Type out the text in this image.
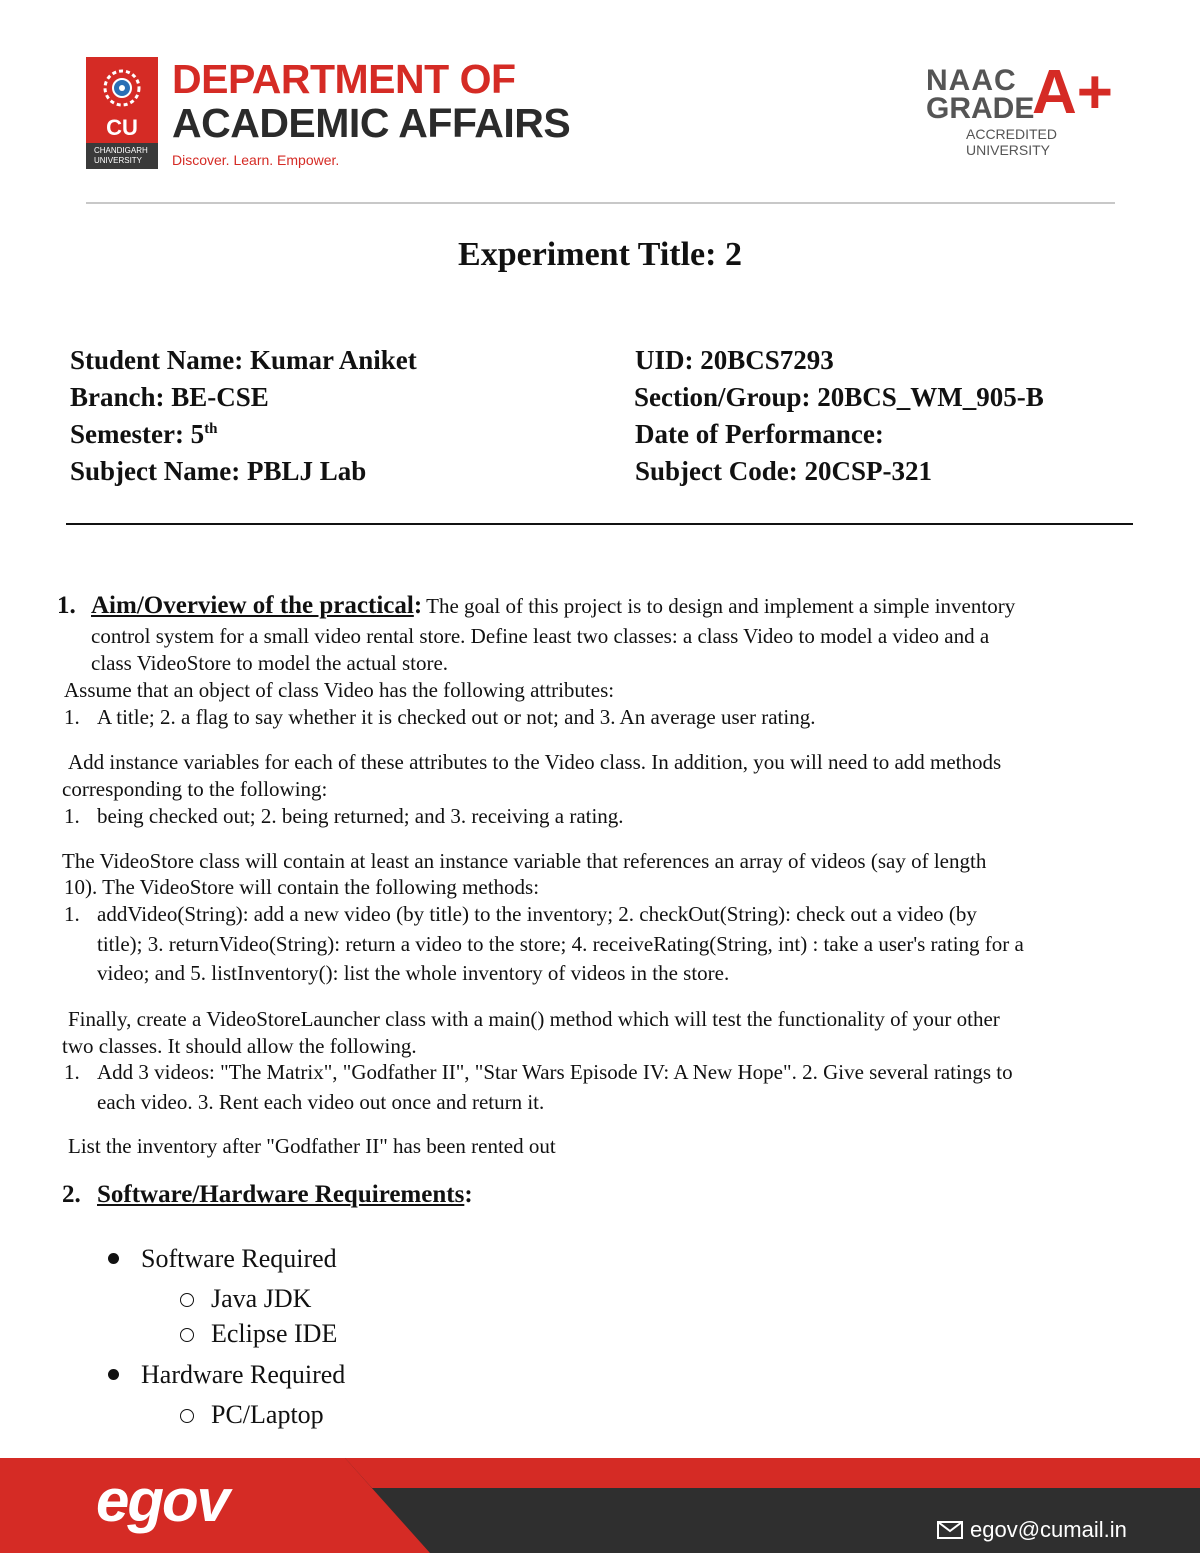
CU
CHANDIGARH UNIVERSITY
DEPARTMENT OF
ACADEMIC AFFAIRS
Discover. Learn. Empower.
NAAC
GRADE
A+
ACCREDITED UNIVERSITY
Experiment Title: 2
Student Name: Kumar Aniket	UID: 20BCS7293
Branch: BE-CSE	Section/Group: 20BCS_WM_905-B
Semester: 5th	Date of Performance:
Subject Name: PBLJ Lab	Subject Code: 20CSP-321
1. Aim/Overview of the practical: The goal of this project is to design and implement a simple inventory
control system for a small video rental store. Define least two classes: a class Video to model a video and a
class VideoStore to model the actual store.
Assume that an object of class Video has the following attributes:
1. A title; 2. a flag to say whether it is checked out or not; and 3. An average user rating.
Add instance variables for each of these attributes to the Video class. In addition, you will need to add methods
corresponding to the following:
1. being checked out; 2. being returned; and 3. receiving a rating.
The VideoStore class will contain at least an instance variable that references an array of videos (say of length
10). The VideoStore will contain the following methods:
1. addVideo(String): add a new video (by title) to the inventory; 2. checkOut(String): check out a video (by
title); 3. returnVideo(String): return a video to the store; 4. receiveRating(String, int) : take a user's rating for a
video; and 5. listInventory(): list the whole inventory of videos in the store.
Finally, create a VideoStoreLauncher class with a main() method which will test the functionality of your other
two classes. It should allow the following.
1. Add 3 videos: "The Matrix", "Godfather II", "Star Wars Episode IV: A New Hope". 2. Give several ratings to
each video. 3. Rent each video out once and return it.
List the inventory after "Godfather II" has been rented out
2. Software/Hardware Requirements:
Software Required
Java JDK
Eclipse IDE
Hardware Required
PC/Laptop
egov	egov@cumail.in
